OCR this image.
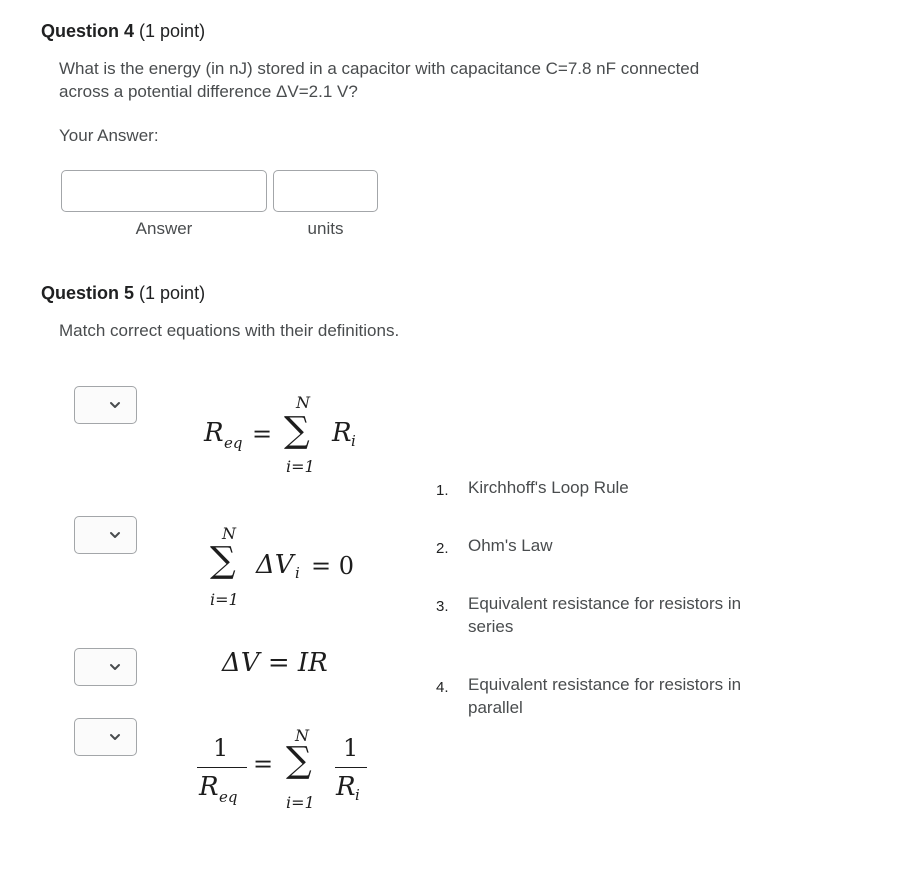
Question 4 (1 point)
What is the energy (in nJ) stored in a capacitor with capacitance C=7.8 nF connected
across a potential difference ΔV=2.1 V?
Your Answer:
Answer	units
Question 5 (1 point)
Match correct equations with their definitions.
R eq =
N
∑
i=1
R i
N
∑
i=1
ΔV i = 0
ΔV = IR
1
R eq
=
N
∑
i=1
1
R i
1. Kirchhoff's Loop Rule
2. Ohm's Law
3. Equivalent resistance for resistors in
series
4. Equivalent resistance for resistors in
parallel
